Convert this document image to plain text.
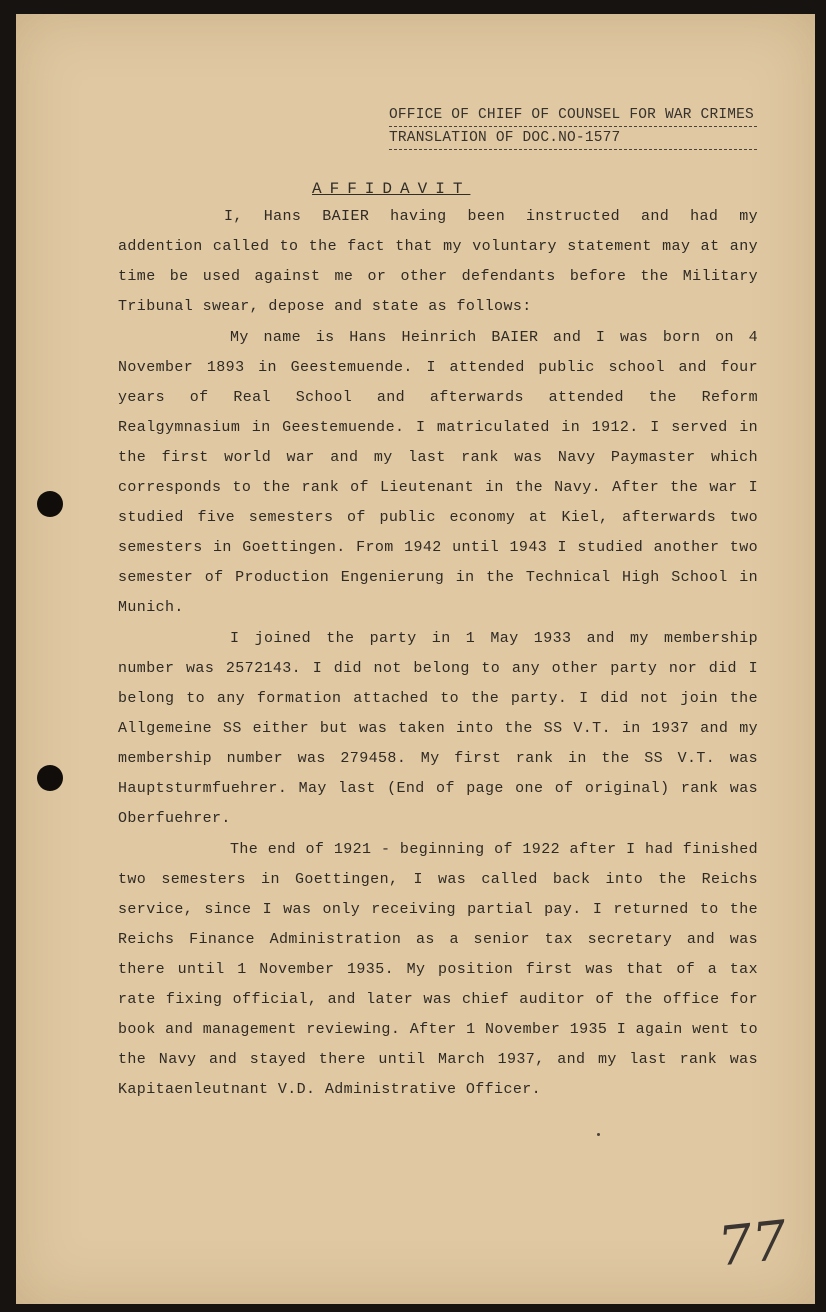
OFFICE OF CHIEF OF COUNSEL FOR WAR CRIMES
TRANSLATION OF DOC.NO-1577
AFFIDAVIT

I, Hans BAIER having been instructed and had my addention called to the fact that my voluntary statement may at any time be used against me or other defendants before the Military Tribunal swear, depose and state as follows:

My name is Hans Heinrich BAIER and I was born on 4 November 1893 in Geestemuende. I attended public school and four years of Real School and afterwards attended the Reform Realgymnasium in Geestemuende. I matriculated in 1912. I served in the first world war and my last rank was Navy Paymaster which corresponds to the rank of Lieutenant in the Navy. After the war I studied five semesters of public economy at Kiel, afterwards two semesters in Goettingen. From 1942 until 1943 I studied another two semester of Production Engenierung in the Technical High School in Munich.

I joined the party in 1 May 1933 and my membership number was 2572143. I did not belong to any other party nor did I belong to any formation attached to the party. I did not join the Allgemeine SS either but was taken into the SS V.T. in 1937 and my membership number was 279458. My first rank in the SS V.T. was Hauptsturmfuehrer. May last (End of page one of original) rank was Oberfuehrer.

The end of 1921 - beginning of 1922 after I had finished two semesters in Goettingen, I was called back into the Reichs service, since I was only receiving partial pay. I returned to the Reichs Finance Administration as a senior tax secretary and was there until 1 November 1935. My position first was that of a tax rate fixing official, and later was chief auditor of the office for book and management reviewing. After 1 November 1935 I again went to the Navy and stayed there until March 1937, and my last rank was Kapitaenleutnant V.D. Administrative Officer.

77
